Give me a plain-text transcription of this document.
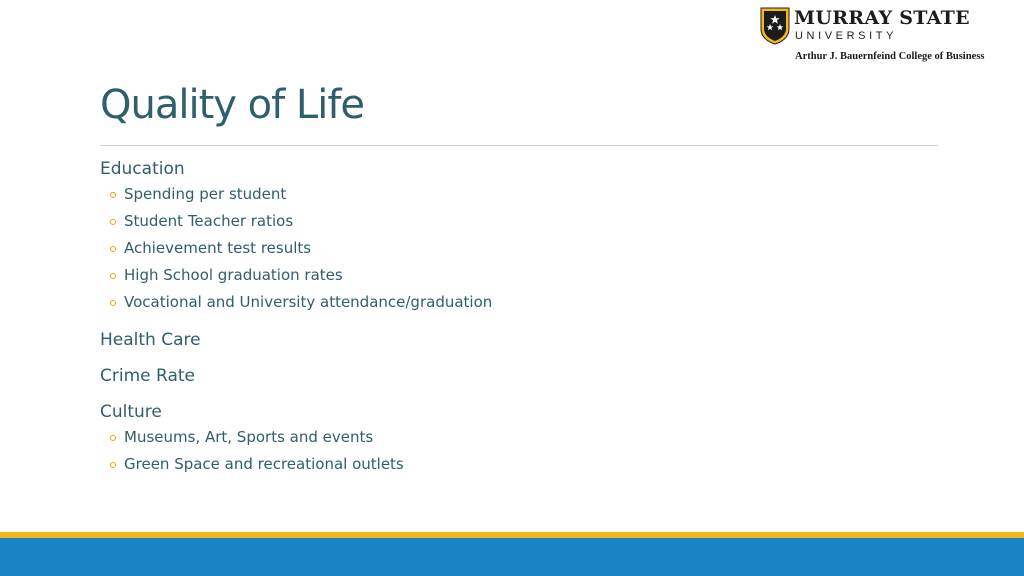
MURRAY STATE
UNIVERSITY
Arthur J. Bauernfeind College of Business
Quality of Life
Education
Spending per student
Student Teacher ratios
Achievement test results
High School graduation rates
Vocational and University attendance/graduation
Health Care
Crime Rate
Culture
Museums, Art, Sports and events
Green Space and recreational outlets
